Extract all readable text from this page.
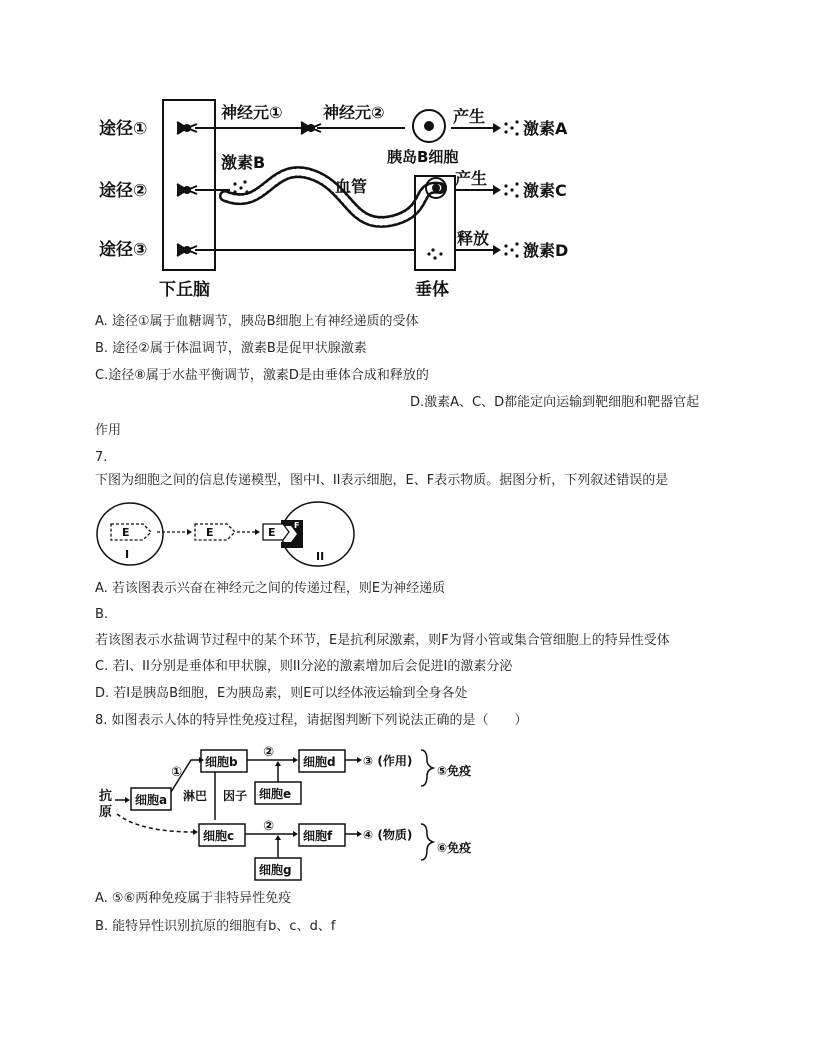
途径①
途径②
途径③
下丘脑
神经元①	神经元②
胰岛B细胞
产生
激素A
激素B
血管
垂体
产生
激素C
释放
激素D
A. 途径①属于血糖调节，胰岛B细胞上有神经递质的受体
B. 途径②属于体温调节，激素B是促甲状腺激素
C.途径⑧属于水盐平衡调节，激素D是由垂体合成和释放的
D.激素A、C、D都能定向运输到靶细胞和靶器官起
作用
7.
下图为细胞之间的信息传递模型，图中I、II表示细胞，E、F表示物质。据图分析，下列叙述错误的是
E
I
E	E
F
II
A. 若该图表示兴奋在神经元之间的传递过程，则E为神经递质
B.
若该图表示水盐调节过程中的某个环节，E是抗利尿激素，则F为肾小管或集合管细胞上的特异性受体
C. 若I、II分别是垂体和甲状腺，则II分泌的激素增加后会促进I的激素分泌
D. 若I是胰岛B细胞，E为胰岛素，则E可以经体液运输到全身各处
8. 如图表示人体的特异性免疫过程，请据图判断下列说法正确的是（　　）
抗
原
细胞a
①
细胞b
淋巴 因子
②
细胞e
细胞d ③ (作用)
⑤免疫
细胞c
②
细胞g
细胞f	④ (物质)
⑥免疫
A. ⑤⑥两种免疫属于非特异性免疫
B. 能特异性识别抗原的细胞有b、c、d、f
